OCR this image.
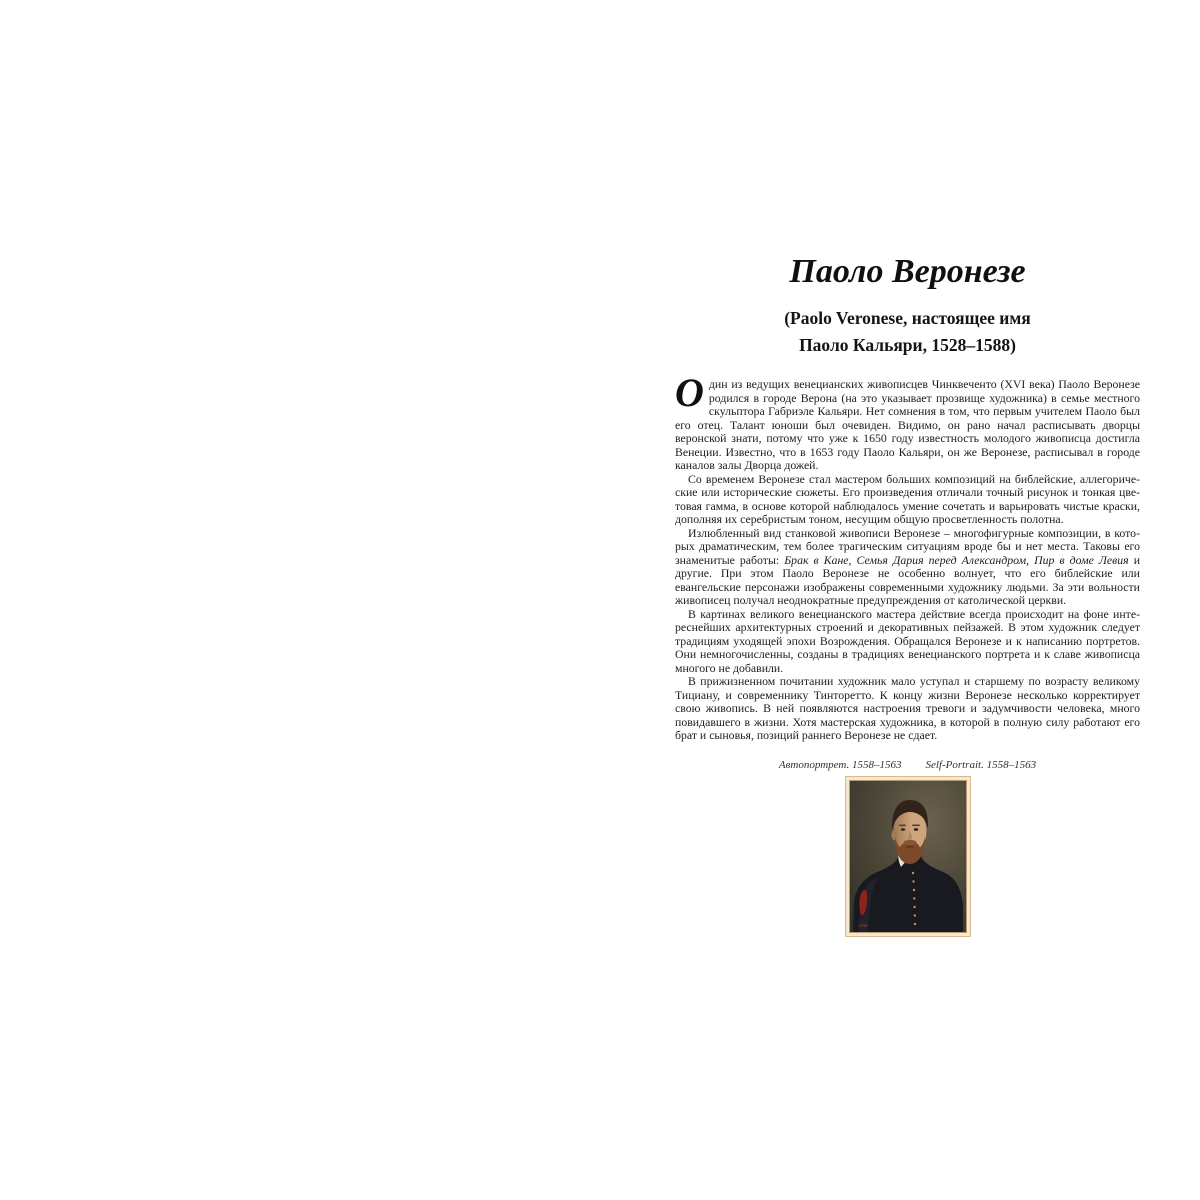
Паоло Веронезе
(Paolo Veronese, настоящее имя
Паоло Кальяри, 1528–1588)

Один из ведущих венецианских живописцев Чинквеченто (XVI века) Паоло Веронезе родился в городе Верона (на это указывает прозвище художника) в семье местного скульптора Габриэле Кальяри. Нет сомнения в том, что первым учителем Паоло был его отец. Талант юноши был очевиден. Видимо, он рано начал расписывать дворцы веронской знати, потому что уже к 1650 году известность молодого живописца достигла Венеции. Известно, что в 1653 году Паоло Кальяри, он же Веронезе, расписывал в городе каналов залы Дворца дожей.

Со временем Веронезе стал мастером больших композиций на библейские, аллегорические или исторические сюжеты. Его произведения отличали точный рисунок и тонкая цветовая гамма, в основе которой наблюдалось умение сочетать и варьировать чистые краски, дополняя их серебристым тоном, несущим общую просветленность полотна.

Излюбленный вид станковой живописи Веронезе – многофигурные композиции, в которых драматическим, тем более трагическим ситуациям вроде бы и нет места. Таковы его знаменитые работы: Брак в Кане, Семья Дария перед Александром, Пир в доме Левия и другие. При этом Паоло Веронезе не особенно волнует, что его библейские или евангельские персонажи изображены современными художнику людьми. За эти вольности живописец получал неоднократные предупреждения от католической церкви.

В картинах великого венецианского мастера действие всегда происходит на фоне интереснейших архитектурных строений и декоративных пейзажей. В этом художник следует традициям уходящей эпохи Возрождения. Обращался Веронезе и к написанию портретов. Они немногочисленны, созданы в традициях венецианского портрета и к славе живописца многого не добавили.

В прижизненном почитании художник мало уступал и старшему по возрасту великому Тициану, и современнику Тинторетто. К концу жизни Веронезе несколько корректирует свою живопись. В ней появляются настроения тревоги и задумчивости человека, много повидавшего в жизни. Хотя мастерская художника, в которой в полную силу работают его брат и сыновья, позиций раннего Веронезе не сдает.

Автопортрет. 1558–1563 Self-Portrait. 1558–1563
1558
